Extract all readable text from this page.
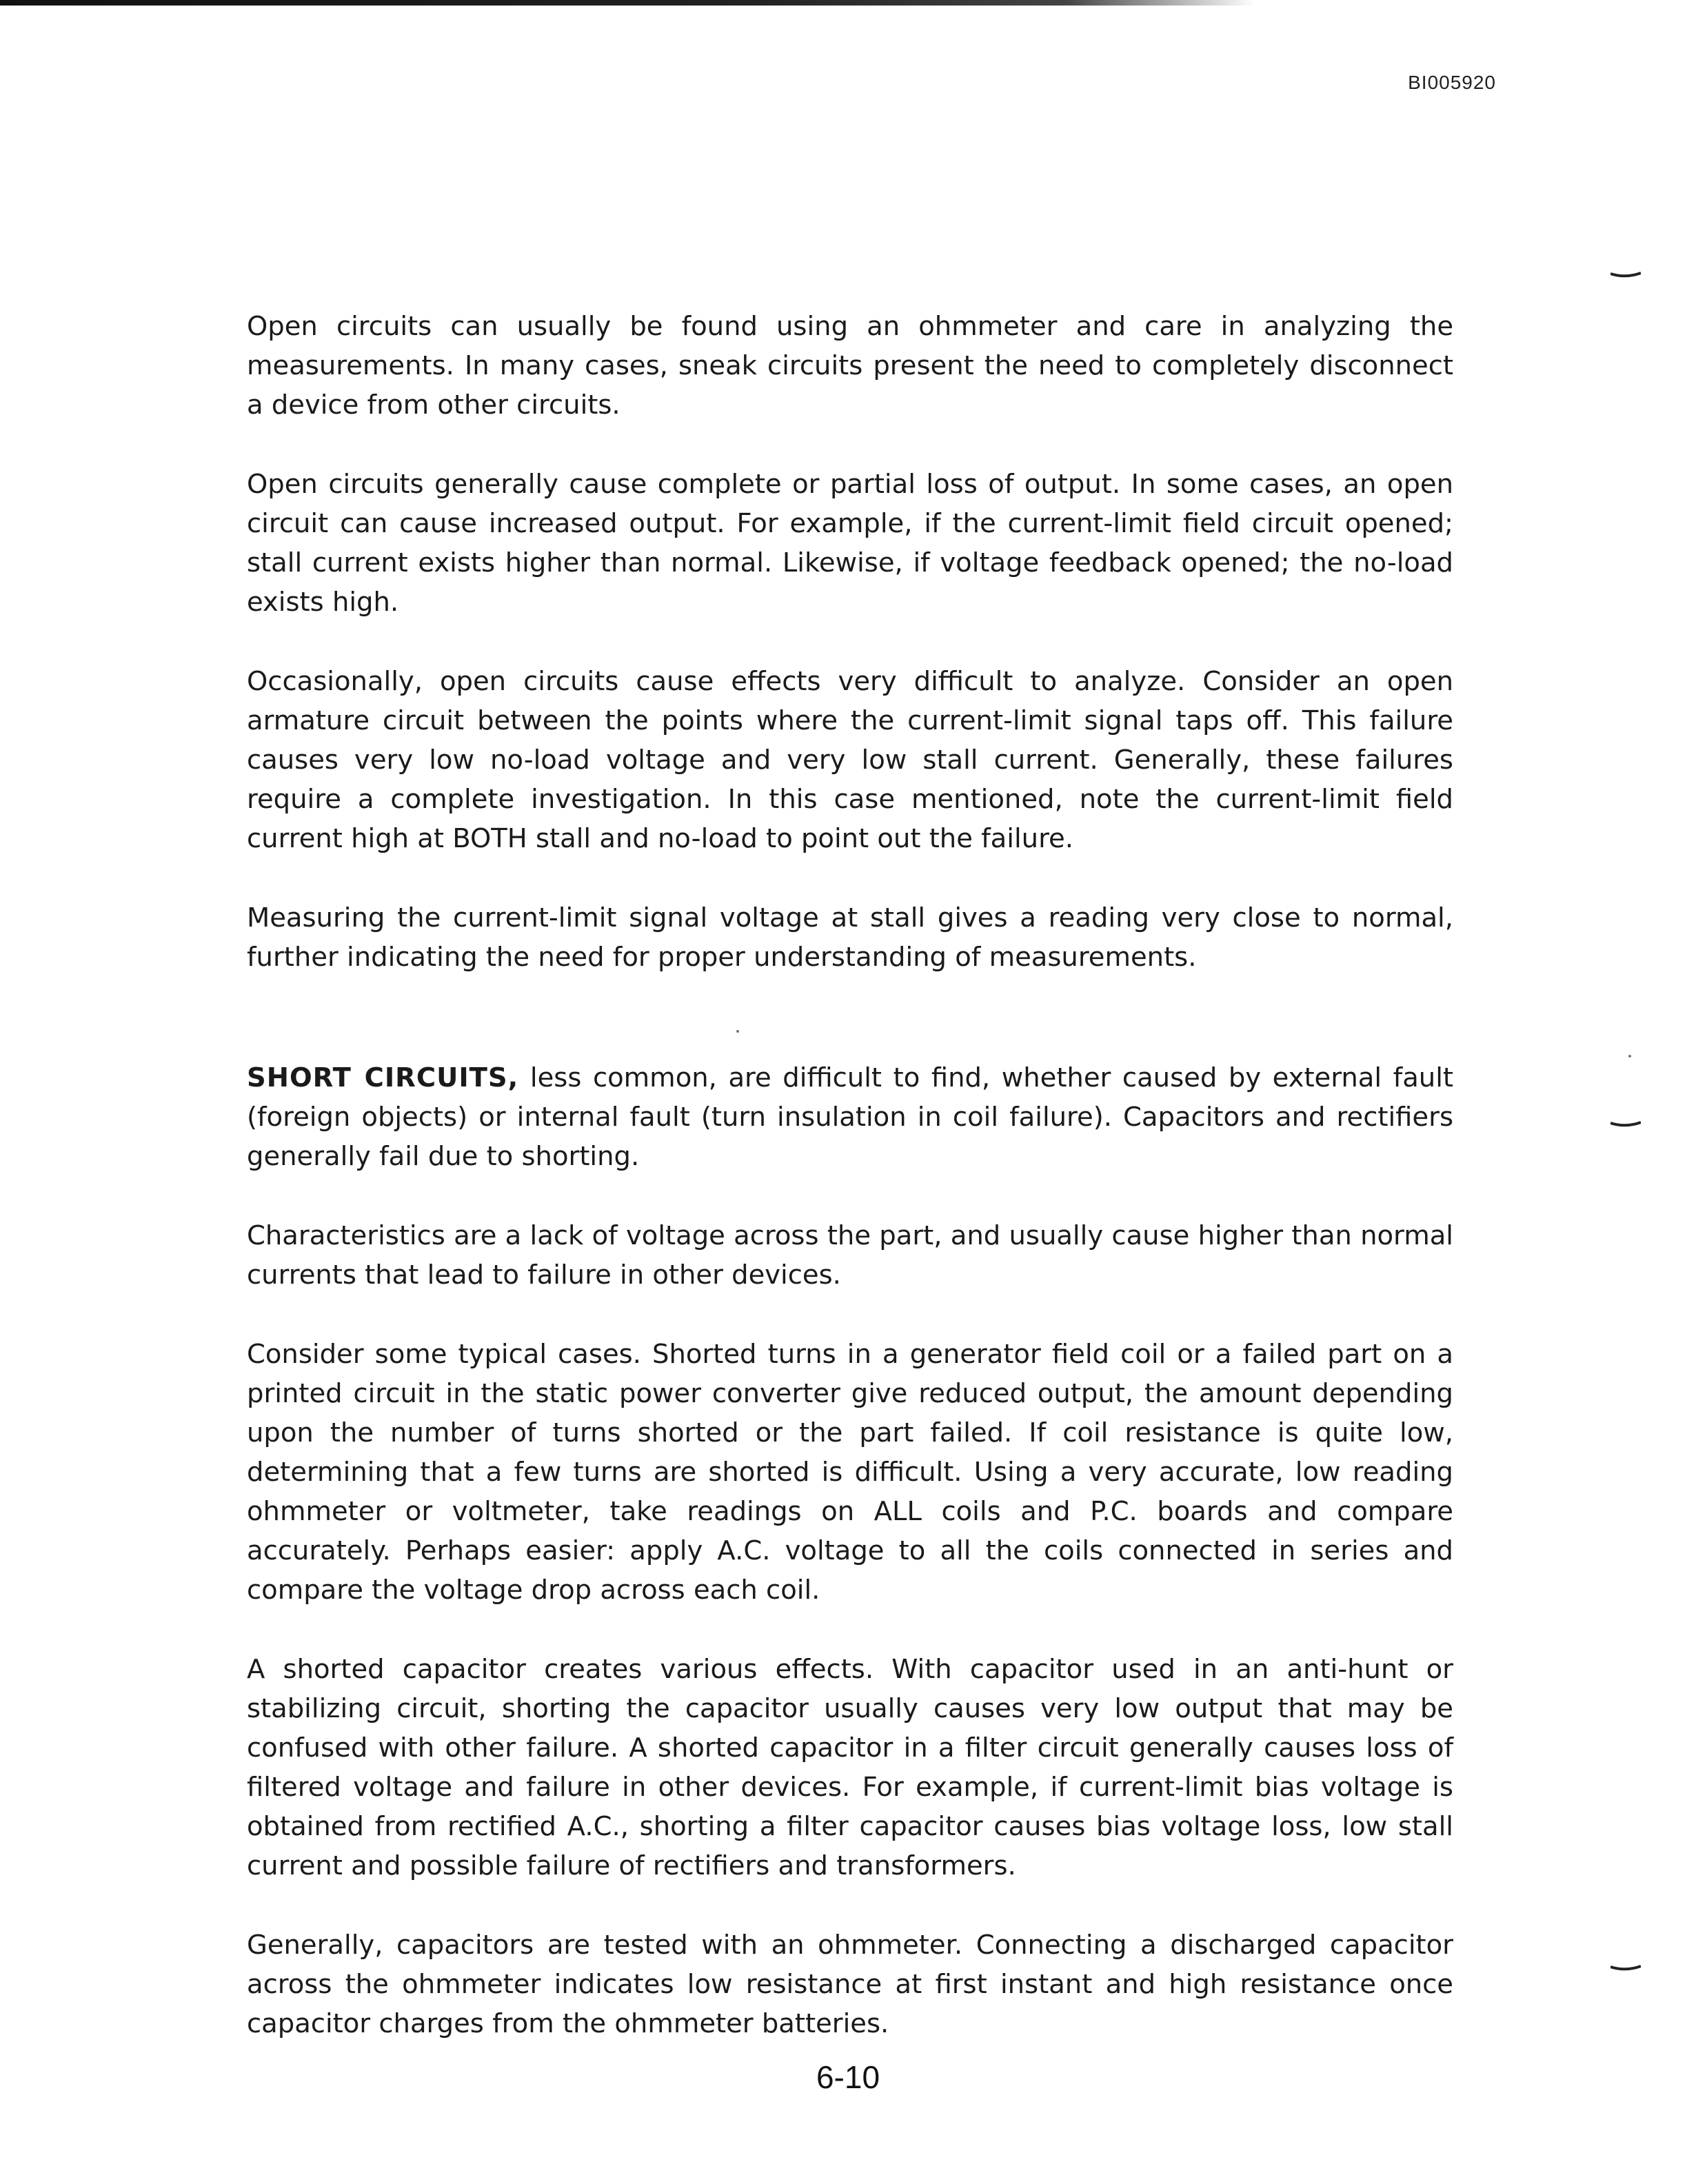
BI005920

Open circuits can usually be found using an ohmmeter and care in analyzing the measurements. In many cases, sneak circuits present the need to completely disconnect a device from other circuits.

Open circuits generally cause complete or partial loss of output. In some cases, an open circuit can cause increased output. For example, if the current-limit field circuit opened; stall current exists higher than normal. Likewise, if voltage feedback opened; the no-load exists high.

Occasionally, open circuits cause effects very difficult to analyze. Consider an open armature circuit between the points where the current-limit signal taps off. This failure causes very low no-load voltage and very low stall current. Generally, these failures require a complete investigation. In this case mentioned, note the current-limit field current high at BOTH stall and no-load to point out the failure.

Measuring the current-limit signal voltage at stall gives a reading very close to normal, further indicating the need for proper understanding of measurements.

SHORT CIRCUITS, less common, are difficult to find, whether caused by external fault (foreign objects) or internal fault (turn insulation in coil failure). Capacitors and rectifiers generally fail due to shorting.

Characteristics are a lack of voltage across the part, and usually cause higher than normal currents that lead to failure in other devices.

Consider some typical cases. Shorted turns in a generator field coil or a failed part on a printed circuit in the static power converter give reduced output, the amount depending upon the number of turns shorted or the part failed. If coil resistance is quite low, determining that a few turns are shorted is difficult. Using a very accurate, low reading ohmmeter or voltmeter, take readings on ALL coils and P.C. boards and compare accurately. Perhaps easier: apply A.C. voltage to all the coils connected in series and compare the voltage drop across each coil.

A shorted capacitor creates various effects. With capacitor used in an anti-hunt or stabilizing circuit, shorting the capacitor usually causes very low output that may be confused with other failure. A shorted capacitor in a filter circuit generally causes loss of filtered voltage and failure in other devices. For example, if current-limit bias voltage is obtained from rectified A.C., shorting a filter capacitor causes bias voltage loss, low stall current and possible failure of rectifiers and transformers.

Generally, capacitors are tested with an ohmmeter. Connecting a discharged capacitor across the ohmmeter indicates low resistance at first instant and high resistance once capacitor charges from the ohmmeter batteries.

6-10
